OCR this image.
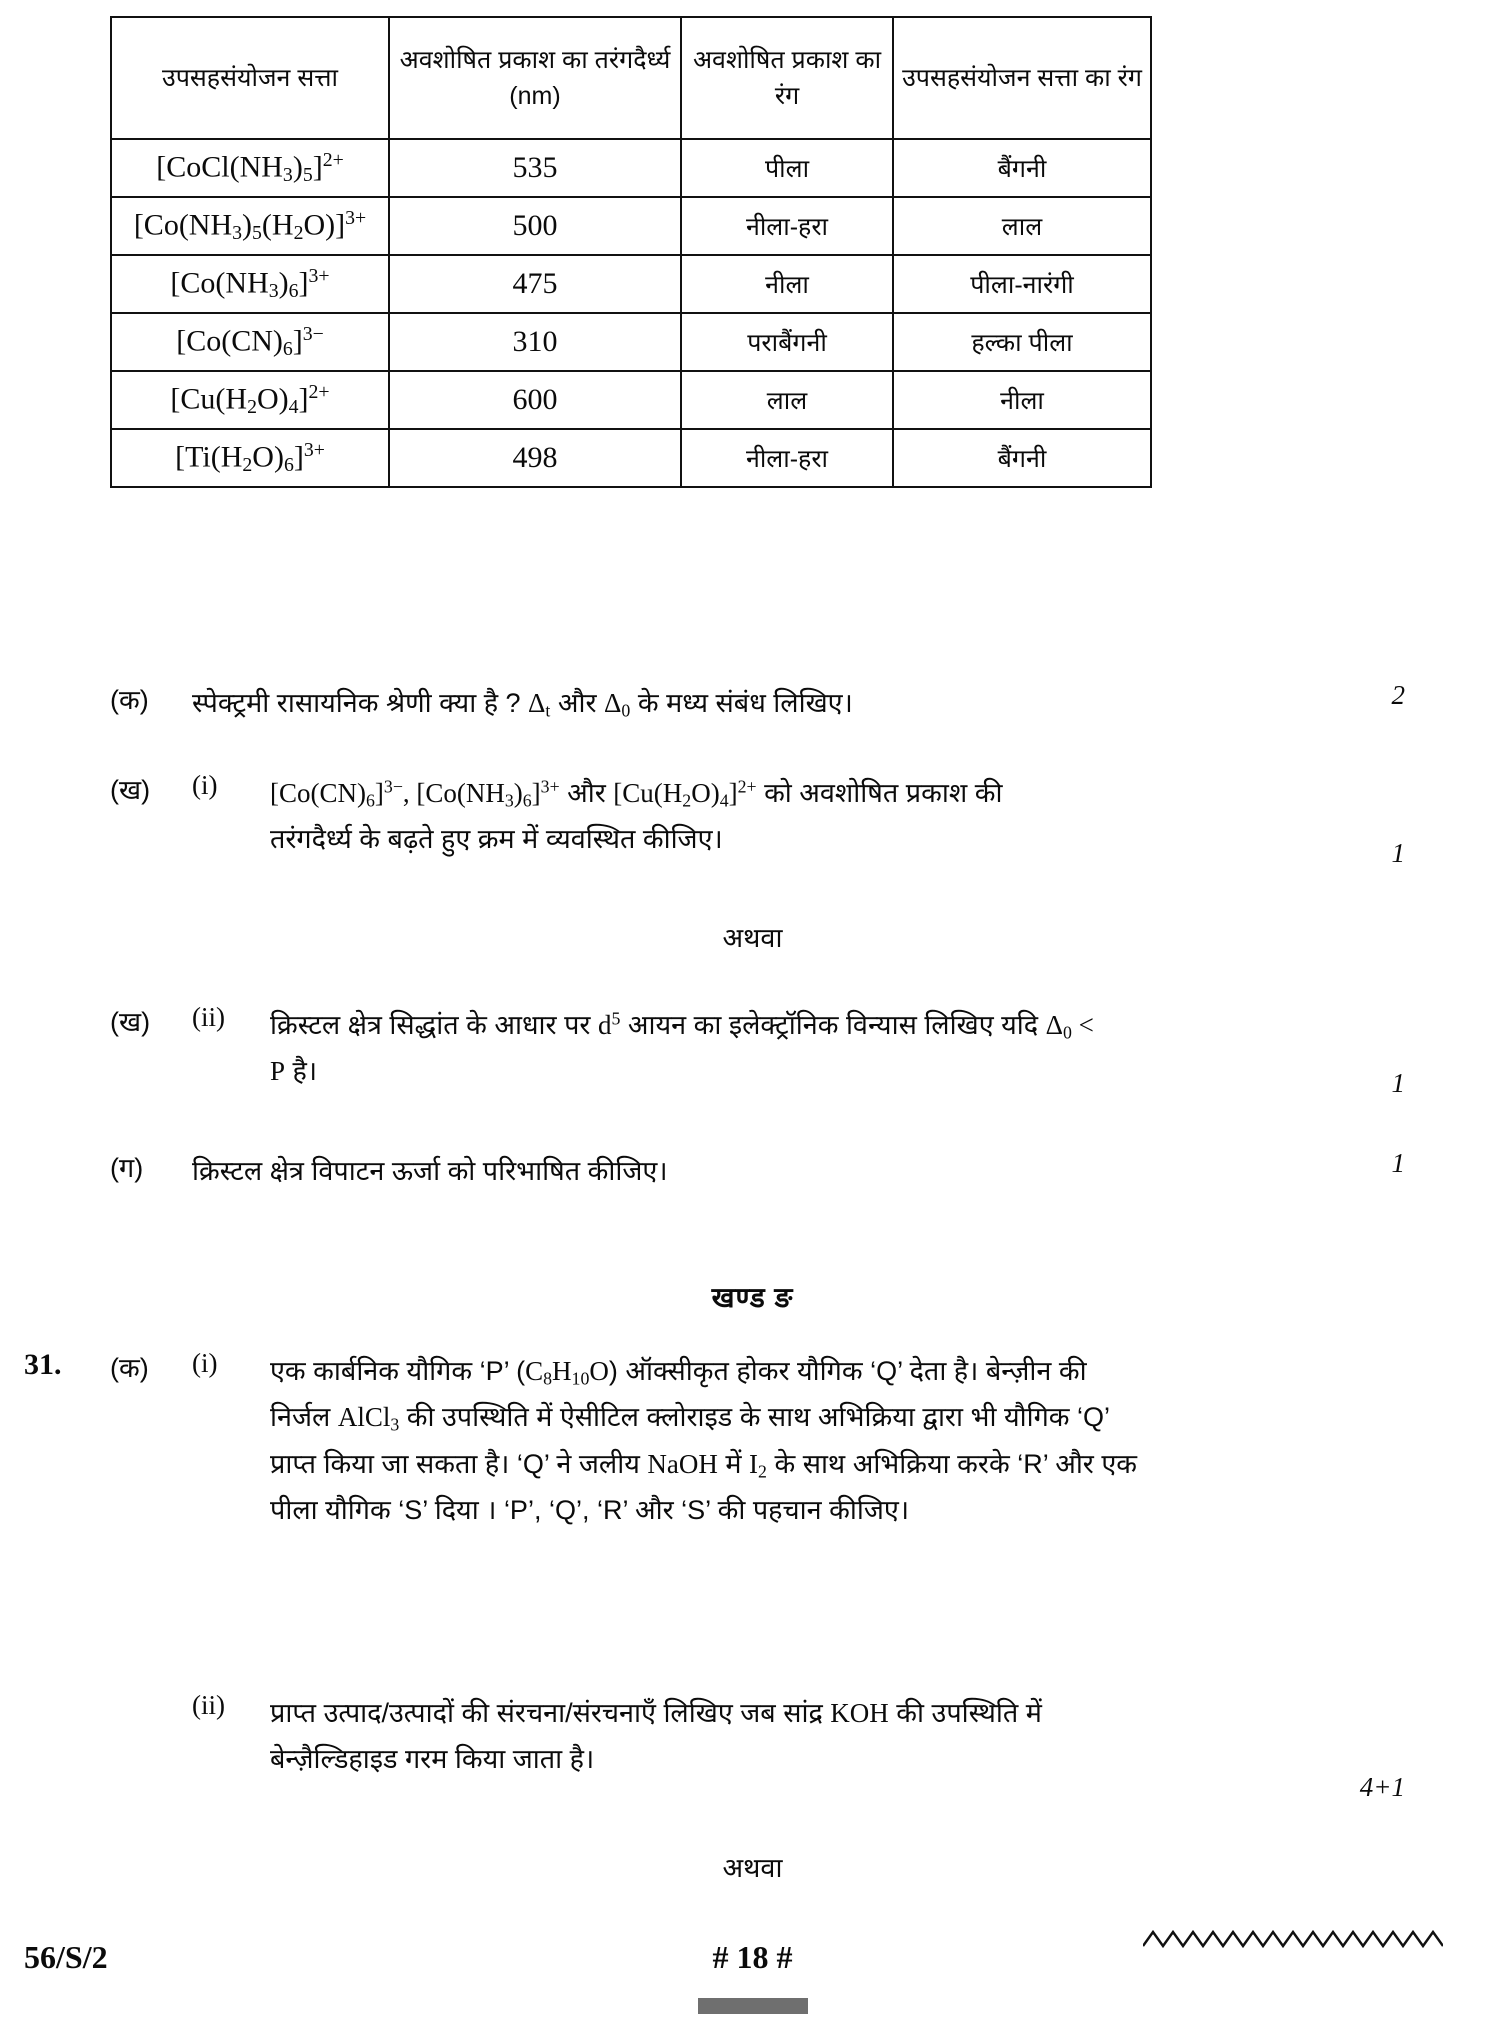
उपसहसंयोजन सत्ता	अवशोषित प्रकाश का तरंगदैर्ध्य (nm)	अवशोषित प्रकाश का रंग	उपसहसंयोजन सत्ता का रंग
$[CoCl(NH_3)_5]^{2+}$	535	पीला	बैंगनी
$[Co(NH_3)_5(H_2O)]^{3+}$	500	नीला-हरा	लाल
$[Co(NH_3)_6]^{3+}$	475	नीला	पीला-नारंगी
$[Co(CN)_6]^{3-}$	310	पराबैंगनी	हल्का पीला
$[Cu(H_2O)_4]^{2+}$	600	लाल	नीला
$[Ti(H_2O)_6]^{3+}$	498	नीला-हरा	बैंगनी
(क)	स्पेक्ट्रमी रासायनिक श्रेणी क्या है ? $\Delta_t$ और $\Delta_0$ के मध्य संबंध लिखिए।	2
(ख)	(i)	$[Co(CN)_6]^{3-}$, $[Co(NH_3)_6]^{3+}$ और $[Cu(H_2O)_4]^{2+}$ को अवशोषित प्रकाश की तरंगदैर्ध्य के बढ़ते हुए क्रम में व्यवस्थित कीजिए।	1
अथवा
(ख)	(ii)	क्रिस्टल क्षेत्र सिद्धांत के आधार पर $d^5$ आयन का इलेक्ट्रॉनिक विन्यास लिखिए यदि $\Delta_0 < P$ है।	1
(ग)	क्रिस्टल क्षेत्र विपाटन ऊर्जा को परिभाषित कीजिए।	1
खण्ड ङ
31.	(क)	(i)	एक कार्बनिक यौगिक ‘P’ $(C_8H_{10}O)$ ऑक्सीकृत होकर यौगिक ‘Q’ देता है। बेन्ज़ीन की निर्जल AlCl$_3$ की उपस्थिति में ऐसीटिल क्लोराइड के साथ अभिक्रिया द्वारा भी यौगिक ‘Q’ प्राप्त किया जा सकता है। ‘Q’ ने जलीय NaOH में $I_2$ के साथ अभिक्रिया करके ‘R’ और एक पीला यौगिक ‘S’ दिया । ‘P’, ‘Q’, ‘R’ और ‘S’ की पहचान कीजिए।
(ii)	प्राप्त उत्पाद/उत्पादों की संरचना/संरचनाएँ लिखिए जब सांद्र KOH की उपस्थिति में बेन्ज़ैल्डिहाइड गरम किया जाता है।
4+1
अथवा
56/S/2	# 18 #
